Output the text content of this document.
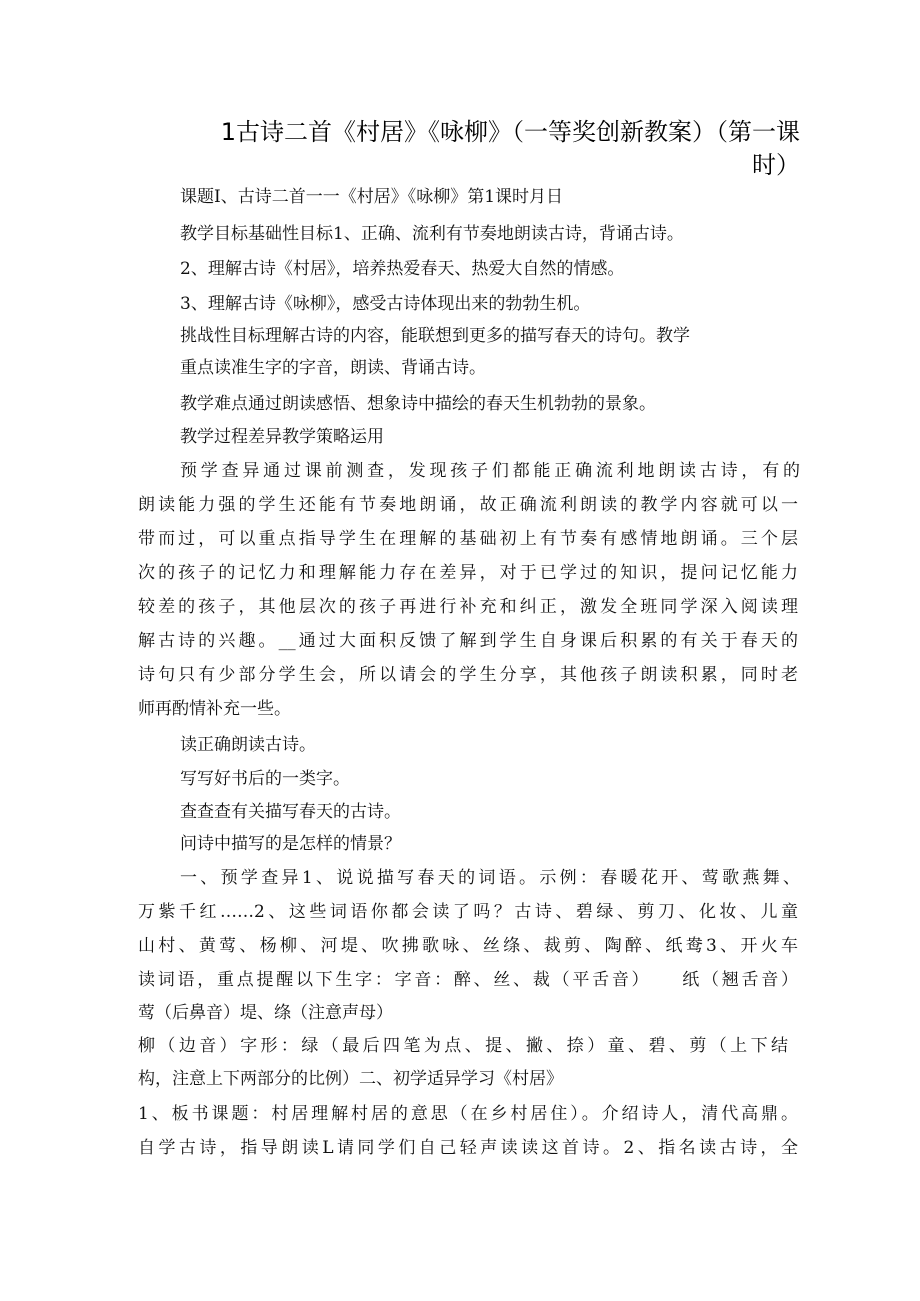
1古诗二首《村居》《咏柳》（一等奖创新教案）（第一课
时）
课题Ⅰ、古诗二首一一《村居》《咏柳》第1课时月日
教学目标基础性目标1、正确、流利有节奏地朗读古诗，背诵古诗。
2、理解古诗《村居》，培养热爱春天、热爱大自然的情感。
3、理解古诗《咏柳》，感受古诗体现出来的勃勃生机。
挑战性目标理解古诗的内容，能联想到更多的描写春天的诗句。教学
重点读准生字的字音，朗读、背诵古诗。
教学难点通过朗读感悟、想象诗中描绘的春天生机勃勃的景象。
教学过程差异教学策略运用
预学查异通过课前测查，发现孩子们都能正确流利地朗读古诗，有的
朗读能力强的学生还能有节奏地朗诵，故正确流利朗读的教学内容就可以一
带而过，可以重点指导学生在理解的基础初上有节奏有感情地朗诵。三个层
次的孩子的记忆力和理解能力存在差异，对于已学过的知识，提问记忆能力
较差的孩子，其他层次的孩子再进行补充和纠正，激发全班同学深入阅读理
解古诗的兴趣。__通过大面积反馈了解到学生自身课后积累的有关于春天的
诗句只有少部分学生会，所以请会的学生分享，其他孩子朗读积累，同时老
师再酌情补充一些。
读正确朗读古诗。
写写好书后的一类字。
查查查有关描写春天的古诗。
问诗中描写的是怎样的情景？
一、预学查异1、说说描写春天的词语。示例：春暖花开、莺歌燕舞、
万紫千红……2、这些词语你都会读了吗？古诗、碧绿、剪刀、化妆、儿童
山村、黄莺、杨柳、河堤、吹拂歌咏、丝绦、裁剪、陶醉、纸鸯3、开火车
读词语，重点提醒以下生字：字音：醉、丝、裁（平舌音）　　纸（翘舌音）
莺（后鼻音）堤、绦（注意声母）
柳（边音）字形：绿（最后四笔为点、提、撇、捺）童、碧、剪（上下结
构，注意上下两部分的比例）二、初学适异学习《村居》
1、板书课题：村居理解村居的意思（在乡村居住）。介绍诗人，清代高鼎。
自学古诗，指导朗读L请同学们自己轻声读读这首诗。2、指名读古诗，全
